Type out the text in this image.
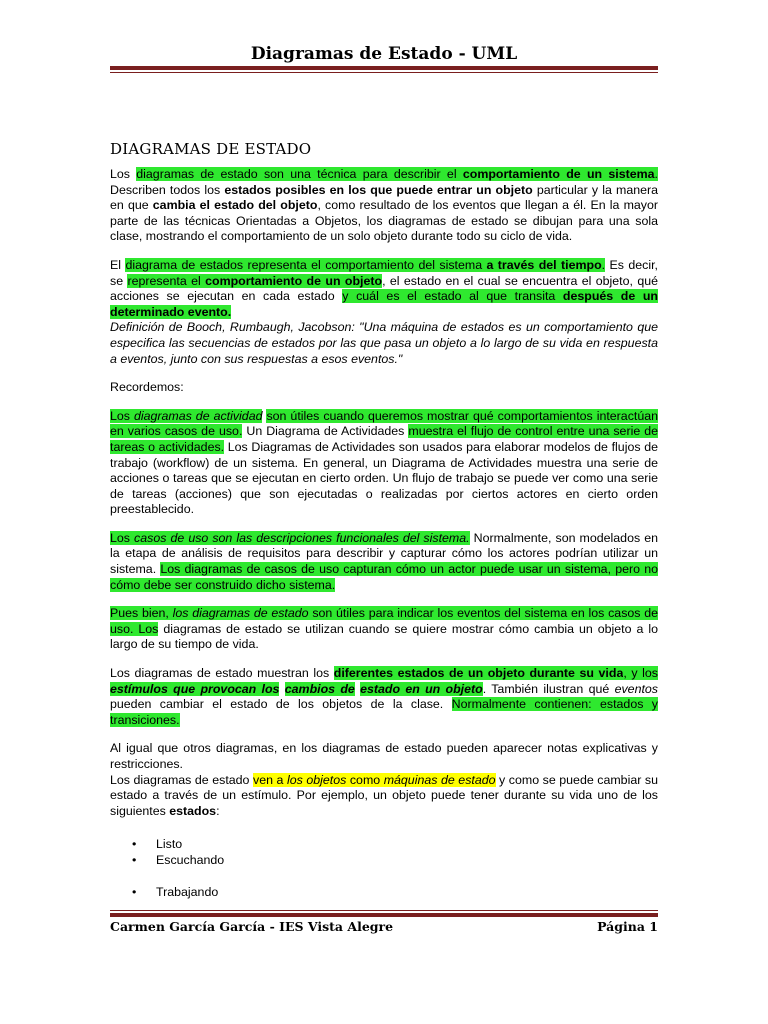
Diagramas de Estado - UML
DIAGRAMAS DE ESTADO

Los diagramas de estado son una técnica para describir el comportamiento de un sistema. Describen todos los estados posibles en los que puede entrar un objeto particular y la manera en que cambia el estado del objeto, como resultado de los eventos que llegan a él. En la mayor parte de las técnicas Orientadas a Objetos, los diagramas de estado se dibujan para una sola clase, mostrando el comportamiento de un solo objeto durante todo su ciclo de vida.

El diagrama de estados representa el comportamiento del sistema a través del tiempo. Es decir, se representa el comportamiento de un objeto, el estado en el cual se encuentra el objeto, qué acciones se ejecutan en cada estado y cuál es el estado al que transita después de un determinado evento.

Definición de Booch, Rumbaugh, Jacobson: "Una máquina de estados es un comportamiento que especifica las secuencias de estados por las que pasa un objeto a lo largo de su vida en respuesta a eventos, junto con sus respuestas a esos eventos."

Recordemos:

Los diagramas de actividad son útiles cuando queremos mostrar qué comportamientos interactúan en varios casos de uso. Un Diagrama de Actividades muestra el flujo de control entre una serie de tareas o actividades. Los Diagramas de Actividades son usados para elaborar modelos de flujos de trabajo (workflow) de un sistema. En general, un Diagrama de Actividades muestra una serie de acciones o tareas que se ejecutan en cierto orden. Un flujo de trabajo se puede ver como una serie de tareas (acciones) que son ejecutadas o realizadas por ciertos actores en cierto orden preestablecido.

Los casos de uso son las descripciones funcionales del sistema. Normalmente, son modelados en la etapa de análisis de requisitos para describir y capturar cómo los actores podrían utilizar un sistema. Los diagramas de casos de uso capturan cómo un actor puede usar un sistema, pero no cómo debe ser construido dicho sistema.

Pues bien, los diagramas de estado son útiles para indicar los eventos del sistema en los casos de uso. Los diagramas de estado se utilizan cuando se quiere mostrar cómo cambia un objeto a lo largo de su tiempo de vida.

Los diagramas de estado muestran los diferentes estados de un objeto durante su vida, y los estímulos que provocan los cambios de estado en un objeto. También ilustran qué eventos pueden cambiar el estado de los objetos de la clase. Normalmente contienen: estados y transiciones.

Al igual que otros diagramas, en los diagramas de estado pueden aparecer notas explicativas y restricciones.

Los diagramas de estado ven a los objetos como máquinas de estado y como se puede cambiar su estado a través de un estímulo. Por ejemplo, un objeto puede tener durante su vida uno de los siguientes estados:

• Listo
• Escuchando
• Trabajando
Carmen García García - IES Vista Alegre	Página 1
